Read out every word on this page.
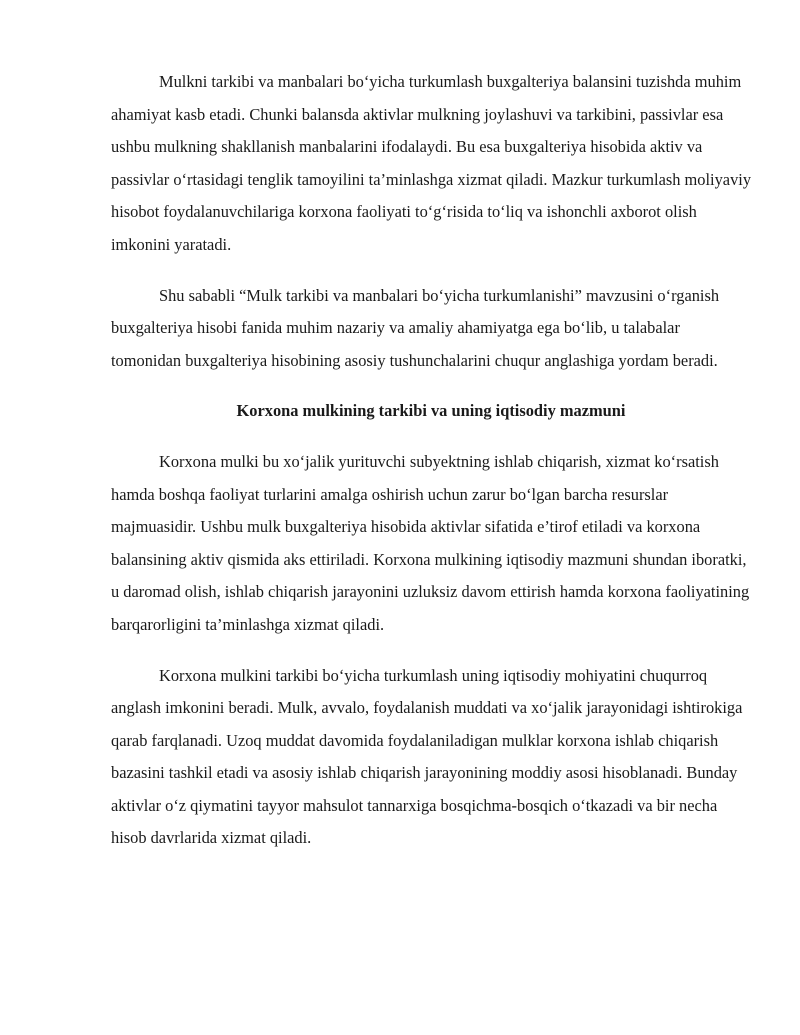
Mulkni tarkibi va manbalari bo‘yicha turkumlash buxgalteriya balansini tuzishda muhim ahamiyat kasb etadi. Chunki balansda aktivlar mulkning joylashuvi va tarkibini, passivlar esa ushbu mulkning shakllanish manbalarini ifodalaydi. Bu esa buxgalteriya hisobida aktiv va passivlar o‘rtasidagi tenglik tamoyilini ta’minlashga xizmat qiladi. Mazkur turkumlash moliyaviy hisobot foydalanuvchilariga korxona faoliyati to‘g‘risida to‘liq va ishonchli axborot olish imkonini yaratadi.

Shu sababli “Mulk tarkibi va manbalari bo‘yicha turkumlanishi” mavzusini o‘rganish buxgalteriya hisobi fanida muhim nazariy va amaliy ahamiyatga ega bo‘lib, u talabalar tomonidan buxgalteriya hisobining asosiy tushunchalarini chuqur anglashiga yordam beradi.

Korxona mulkining tarkibi va uning iqtisodiy mazmuni

Korxona mulki bu xo‘jalik yurituvchi subyektning ishlab chiqarish, xizmat ko‘rsatish hamda boshqa faoliyat turlarini amalga oshirish uchun zarur bo‘lgan barcha resurslar majmuasidir. Ushbu mulk buxgalteriya hisobida aktivlar sifatida e’tirof etiladi va korxona balansining aktiv qismida aks ettiriladi. Korxona mulkining iqtisodiy mazmuni shundan iboratki, u daromad olish, ishlab chiqarish jarayonini uzluksiz davom ettirish hamda korxona faoliyatining barqarorligini ta’minlashga xizmat qiladi.

Korxona mulkini tarkibi bo‘yicha turkumlash uning iqtisodiy mohiyatini chuqurroq anglash imkonini beradi. Mulk, avvalo, foydalanish muddati va xo‘jalik jarayonidagi ishtirokiga qarab farqlanadi. Uzoq muddat davomida foydalaniladigan mulklar korxona ishlab chiqarish bazasini tashkil etadi va asosiy ishlab chiqarish jarayonining moddiy asosi hisoblanadi. Bunday aktivlar o‘z qiymatini tayyor mahsulot tannarxiga bosqichma-bosqich o‘tkazadi va bir necha hisob davrlarida xizmat qiladi.
